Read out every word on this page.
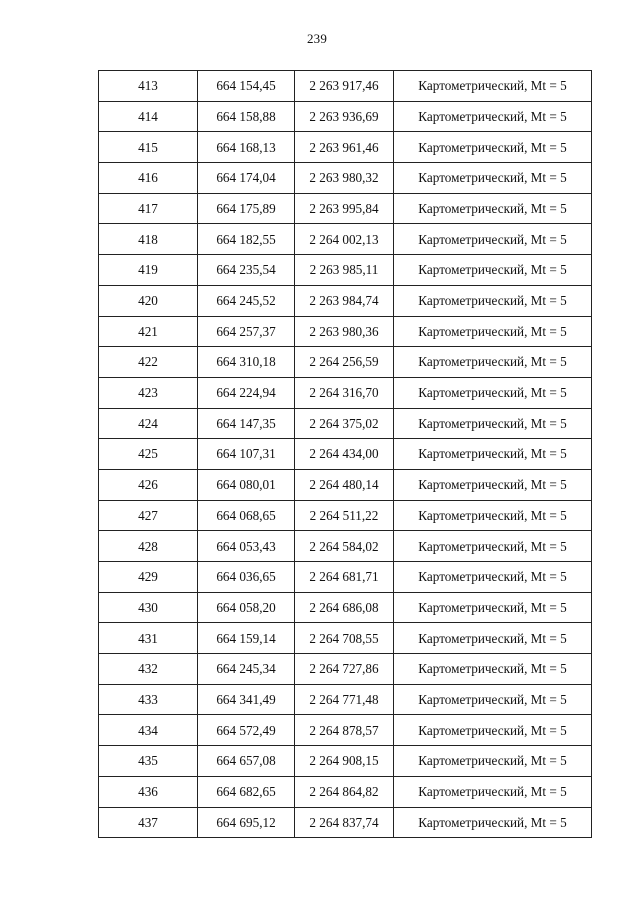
239
413	664 154,45	2 263 917,46	Картометрический, Mt = 5
414	664 158,88	2 263 936,69	Картометрический, Mt = 5
415	664 168,13	2 263 961,46	Картометрический, Mt = 5
416	664 174,04	2 263 980,32	Картометрический, Mt = 5
417	664 175,89	2 263 995,84	Картометрический, Mt = 5
418	664 182,55	2 264 002,13	Картометрический, Mt = 5
419	664 235,54	2 263 985,11	Картометрический, Mt = 5
420	664 245,52	2 263 984,74	Картометрический, Mt = 5
421	664 257,37	2 263 980,36	Картометрический, Mt = 5
422	664 310,18	2 264 256,59	Картометрический, Mt = 5
423	664 224,94	2 264 316,70	Картометрический, Mt = 5
424	664 147,35	2 264 375,02	Картометрический, Mt = 5
425	664 107,31	2 264 434,00	Картометрический, Mt = 5
426	664 080,01	2 264 480,14	Картометрический, Mt = 5
427	664 068,65	2 264 511,22	Картометрический, Mt = 5
428	664 053,43	2 264 584,02	Картометрический, Mt = 5
429	664 036,65	2 264 681,71	Картометрический, Mt = 5
430	664 058,20	2 264 686,08	Картометрический, Mt = 5
431	664 159,14	2 264 708,55	Картометрический, Mt = 5
432	664 245,34	2 264 727,86	Картометрический, Mt = 5
433	664 341,49	2 264 771,48	Картометрический, Mt = 5
434	664 572,49	2 264 878,57	Картометрический, Mt = 5
435	664 657,08	2 264 908,15	Картометрический, Mt = 5
436	664 682,65	2 264 864,82	Картометрический, Mt = 5
437	664 695,12	2 264 837,74	Картометрический, Mt = 5
